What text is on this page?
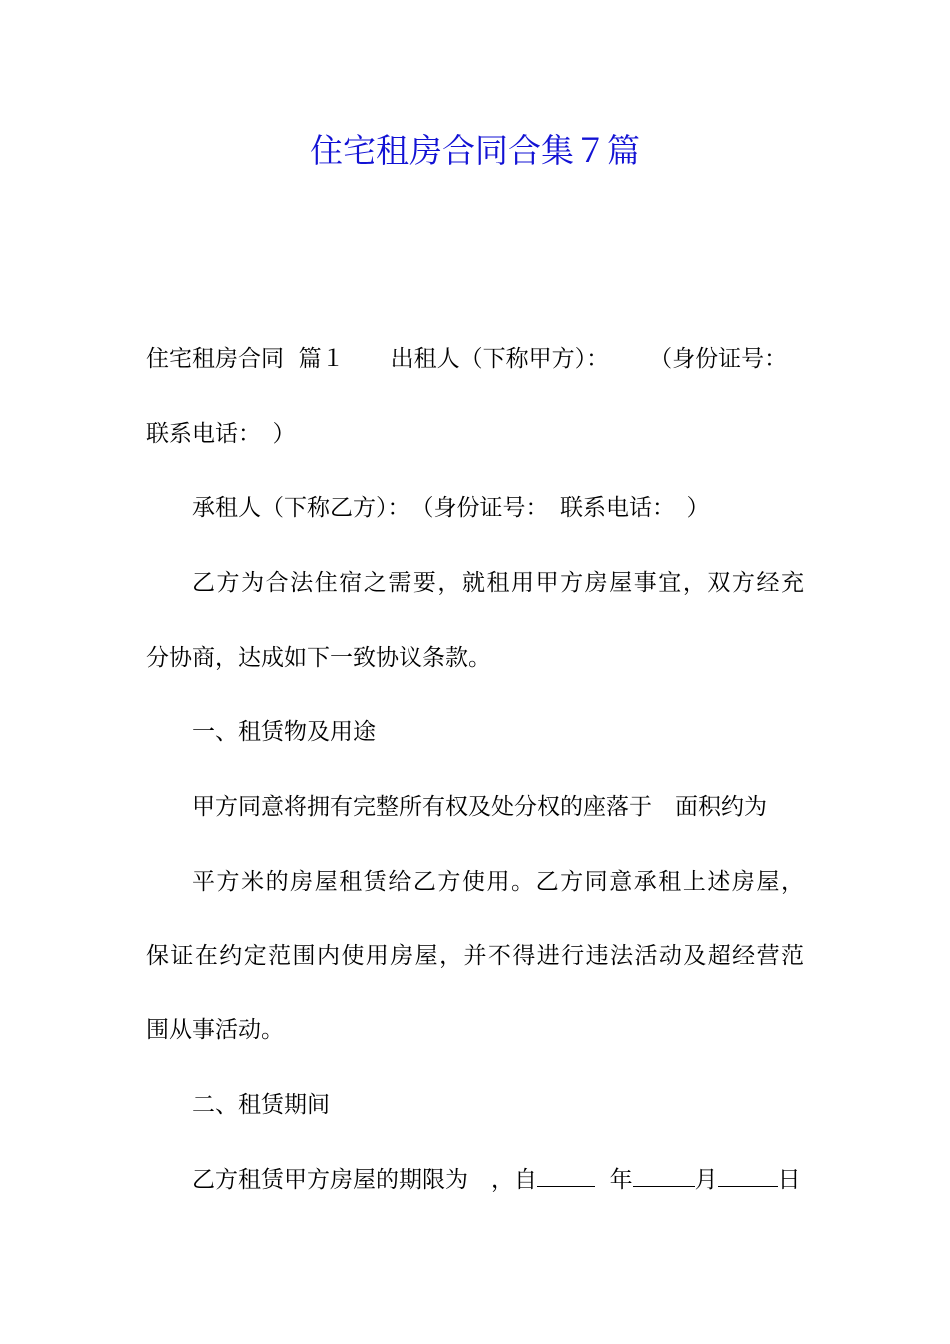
住宅租房合同合集７篇
住宅租房合同 篇１ 出租人（下称甲方）： （身份证号：
联系电话：　）
承租人（下称乙方）：　（身份证号：　联系电话：　）
乙方为合法住宿之需要，就租用甲方房屋事宜，双方经充
分协商，达成如下一致协议条款。
一、租赁物及用途
甲方同意将拥有完整所有权及处分权的座落于　面积约为
平方米的房屋租赁给乙方使用。乙方同意承租上述房屋，
保证在约定范围内使用房屋，并不得进行违法活动及超经营范
围从事活动。
二、租赁期间
乙方租赁甲方房屋的期限为　，自	年	月	日
